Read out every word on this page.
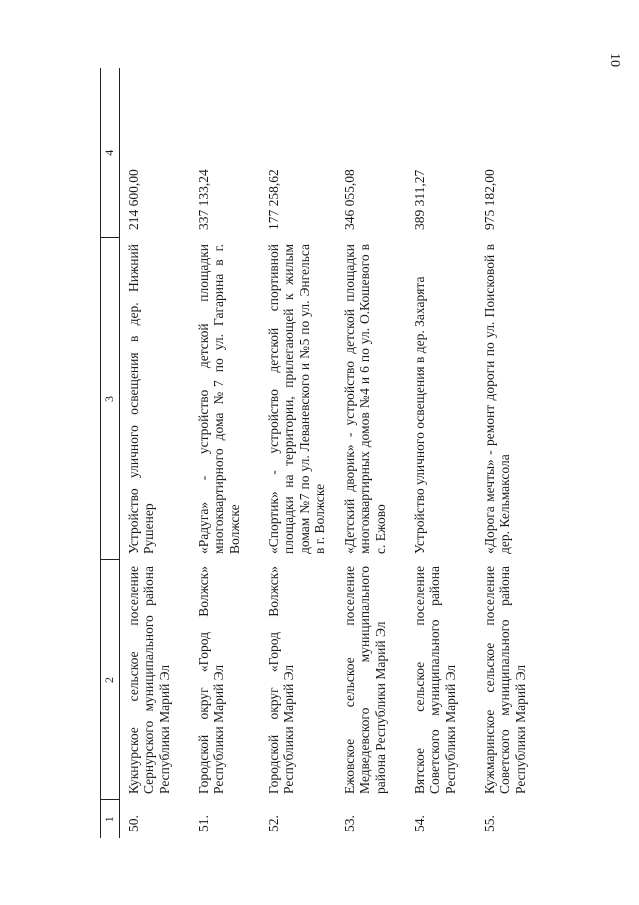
10
1	2	3	4
50.	Кукнурское сельское поселение Сернурского муниципального района Республики Марий Эл	Устройство уличного освещения в дер. Нижний Рушенер	214 600,00
51.	Городской округ «Город Волжск» Республики Марий Эл	«Радуга» - устройство детской площадки многоквартирного дома №7 по ул. Гагарина в г. Волжске	337 133,24
52.	Городской округ «Город Волжск» Республики Марий Эл	«Спортик» - устройство детской спортивной площадки на территории, прилегающей к жилым домам №7 по ул. Леваневского и №5 по ул. Энгельса в г. Волжске	177 258,62
53.	Ежовское сельское поселение Медведевского муниципального района Республики Марий Эл	«Детский дворик» - устройство детской площадки многоквартирных домов №4 и 6 по ул. О.Кошевого в с. Ежово	346 055,08
54.	Вятское сельское поселение Советского муниципального района Республики Марий Эл	Устройство уличного освещения в дер. Захарята	389 311,27
55.	Кужмаринское сельское поселение Советского муниципального района Республики Марий Эл	«Дорога мечты» - ремонт дороги по ул. Поисковой в дер. Кельмаксола	975 182,00
